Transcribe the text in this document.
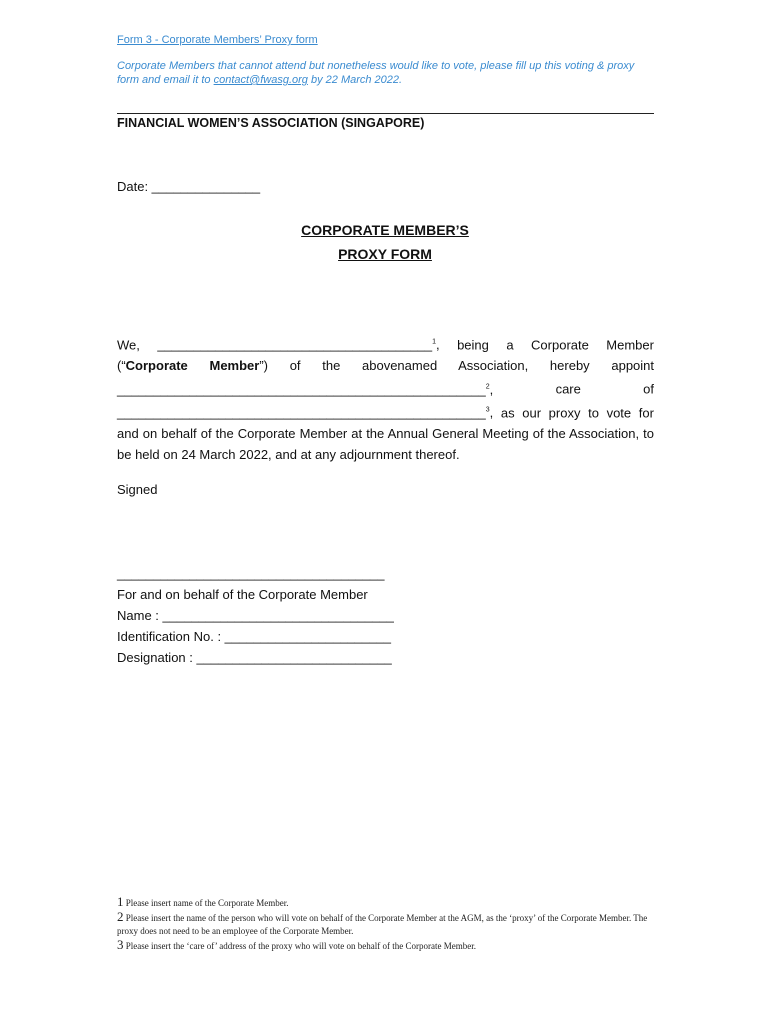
Form 3 - Corporate Members’ Proxy form
Corporate Members that cannot attend but nonetheless would like to vote, please fill up this voting & proxy form and email it to contact@fwasg.org by 22 March 2022.
FINANCIAL WOMEN’S ASSOCIATION (SINGAPORE)
Date: _______________
CORPORATE MEMBER’S
PROXY FORM
We, ______________________________________$^1$, being a Corporate Member
(“Corporate Member”) of the abovenamed Association, hereby appoint
___________________________________________________$^2$,	care	of
___________________________________________________$^3$, as our proxy to vote for
and on behalf of the Corporate Member at the Annual General Meeting of the Association, to
be held on 24 March 2022, and at any adjournment thereof.
Signed
_____________________________________
For and on behalf of the Corporate Member
Name : ________________________________
Identification No. : _______________________
Designation : ___________________________
1 Please insert name of the Corporate Member.
2 Please insert the name of the person who will vote on behalf of the Corporate Member at the AGM, as the ‘proxy’ of the Corporate Member. The proxy does not need to be an employee of the Corporate Member.
3 Please insert the ‘care of’ address of the proxy who will vote on behalf of the Corporate Member.
